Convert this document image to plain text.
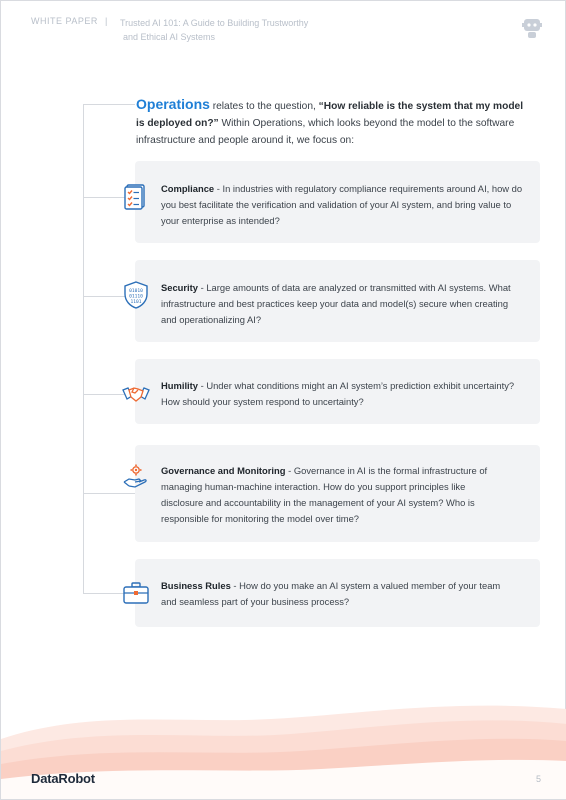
WHITE PAPER | Trusted AI 101: A Guide to Building Trustworthy
and Ethical AI Systems
Operations relates to the question, “How reliable is the system that my model is deployed on?” Within Operations, which looks beyond the model to the software infrastructure and people around it, we focus on:
01010
01110
1101
Compliance - In industries with regulatory compliance requirements around AI, how do you best facilitate the verification and validation of your AI system, and bring value to your enterprise as intended?
Security - Large amounts of data are analyzed or transmitted with AI systems. What infrastructure and best practices keep your data and model(s) secure when creating and operationalizing AI?
Humility - Under what conditions might an AI system’s prediction exhibit uncertainty? How should your system respond to uncertainty?
Governance and Monitoring - Governance in AI is the formal infrastructure of managing human-machine interaction. How do you support principles like disclosure and accountability in the management of your AI system? Who is responsible for monitoring the model over time?
Business Rules - How do you make an AI system a valued member of your team and seamless part of your business process?
DataRobot	5
